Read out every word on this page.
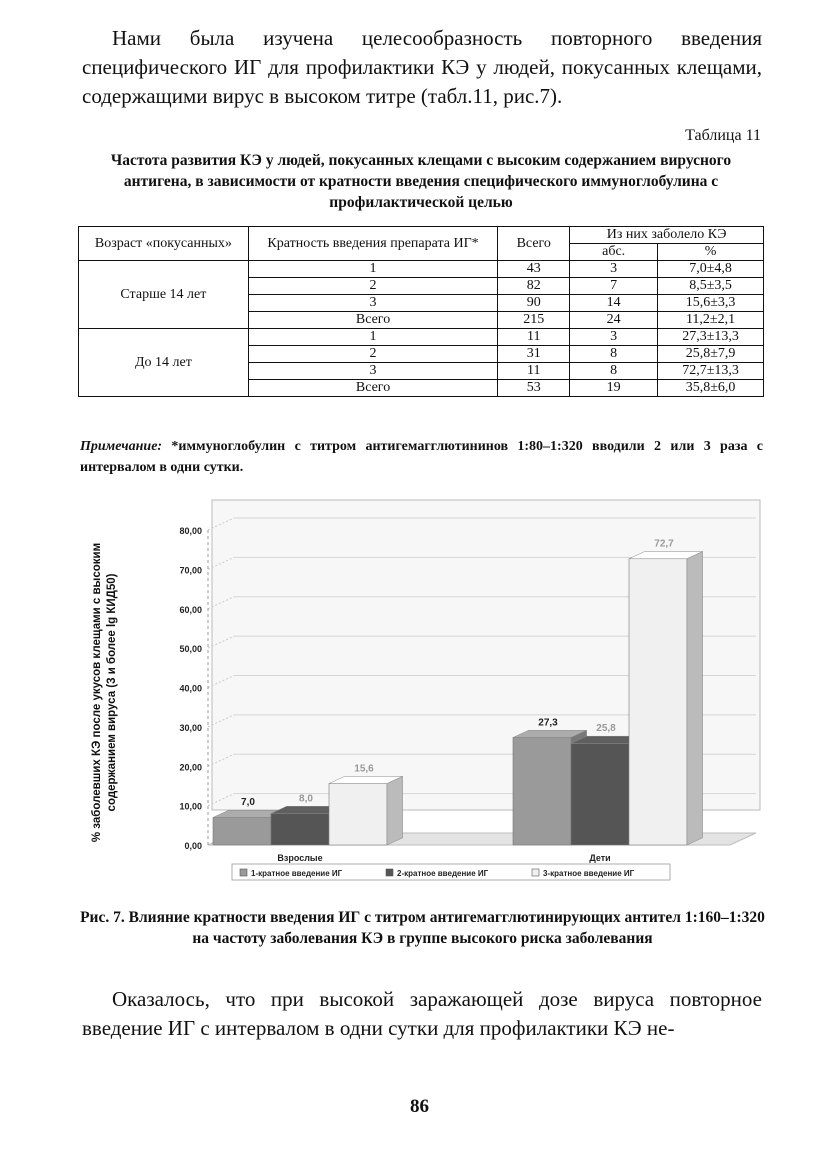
Нами была изучена целесообразность повторного введения специфического ИГ для профилактики КЭ у людей, покусанных клещами, содержащими вирус в высоком титре (табл.11, рис.7).

Таблица 11
Частота развития КЭ у людей, покусанных клещами с высоким содержанием вирусного антигена, в зависимости от кратности введения специфического иммуноглобулина с профилактической целью
Возраст «покусанных»	Кратность введения препарата ИГ*	Всего	Из них заболело КЭ	
			абс.	%
Старше 14 лет	1	43	3	7,0±4,8
	2	82	7	8,5±3,5
	3	90	14	15,6±3,3
	Всего	215	24	11,2±2,1
До 14 лет	1	11	3	27,3±13,3
	2	31	8	25,8±7,9
	3	11	8	72,7±13,3
	Всего	53	19	35,8±6,0
Примечание: *иммуноглобулин с титром антигемагглютининов 1:80–1:320 вводили 2 или 3 раза с интервалом в одни сутки.
0,00
10,00
20,00
30,00
40,00
50,00
60,00
70,00
80,00
% заболевших КЭ после укусов клещами с высоким содержанием вируса (3 и более lg КИД50)	7,0	8,0
15,6
Взрослые
27,3
25,8
72,7
Дети
1-кратное введение ИГ	2-кратное введение ИГ	3-кратное введение ИГ
Рис. 7. Влияние кратности введения ИГ с титром антигемагглютинирующих антител 1:160–1:320 на частоту заболевания КЭ в группе высокого риска заболевания

Оказалось, что при высокой заражающей дозе вируса повторное введение ИГ с интервалом в одни сутки для профилактики КЭ не-

86
